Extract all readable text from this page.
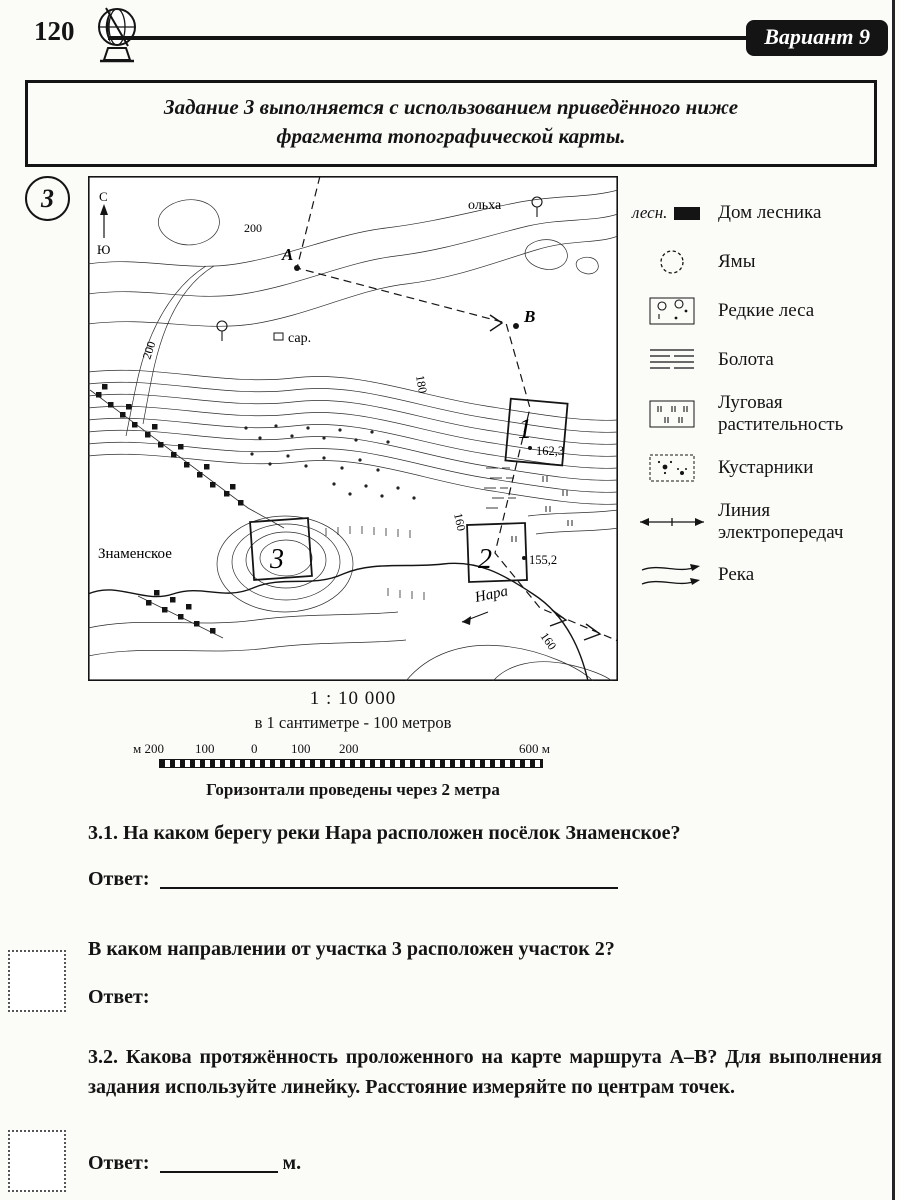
120	Вариант 9

Задание 3 выполняется с использованием приведённого ниже

фрагмента топографической карты.

3	С
Ю
Знаменское
Нара
A
B
1
162,3
2	155,2
3
ольха
сар.
200
200
180
160
160
лесн.	Дом лесника
Ямы
Редкие леса
Болота
Луговая растительность
Кустарники
Линия электропередач
Река
1 : 10 000
в 1 сантиметре - 100 метров
м 200 100	0	100 200	600 м
Горизонтали проведены через 2 метра
3.1. На каком берегу реки Нара расположен посёлок Знаменское?
Ответ:
В каком направлении от участка 3 расположен участок 2?
Ответ:
3.2. Какова протяжённость проложенного на карте маршрута А–В? Для выполнения задания используйте линейку. Расстояние измеряйте по центрам точек.
Ответ:	м.
